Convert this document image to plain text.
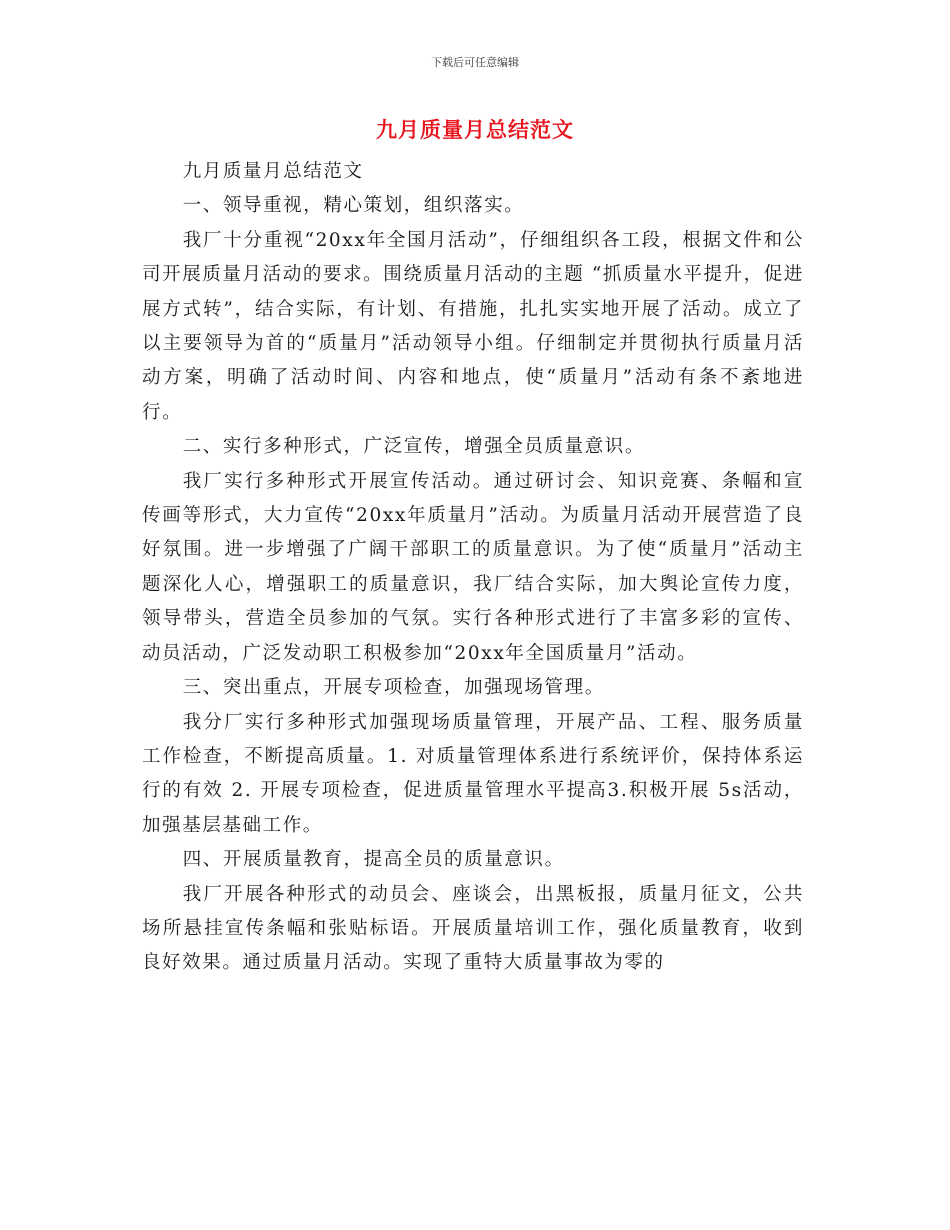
下载后可任意编辑
九月质量月总结范文

九月质量月总结范文

一、领导重视，精心策划，组织落实。

我厂十分重视“20xx年全国月活动”，仔细组织各工段，根据文件和公司开展质量月活动的要求。围绕质量月活动的主题 “抓质量水平提升，促进展方式转”，结合实际，有计划、有措施，扎扎实实地开展了活动。成立了以主要领导为首的“质量月”活动领导小组。仔细制定并贯彻执行质量月活动方案，明确了活动时间、内容和地点，使“质量月”活动有条不紊地进行。

二、实行多种形式，广泛宣传，增强全员质量意识。

我厂实行多种形式开展宣传活动。通过研讨会、知识竞赛、条幅和宣传画等形式，大力宣传“20xx年质量月”活动。为质量月活动开展营造了良好氛围。进一步增强了广阔干部职工的质量意识。为了使“质量月”活动主题深化人心，增强职工的质量意识，我厂结合实际，加大舆论宣传力度，领导带头，营造全员参加的气氛。实行各种形式进行了丰富多彩的宣传、动员活动，广泛发动职工积极参加“20xx年全国质量月”活动。

三、突出重点，开展专项检查，加强现场管理。

我分厂实行多种形式加强现场质量管理，开展产品、工程、服务质量工作检查，不断提高质量。1. 对质量管理体系进行系统评价，保持体系运行的有效 2. 开展专项检查，促进质量管理水平提高3.积极开展 5s活动，加强基层基础工作。

四、开展质量教育，提高全员的质量意识。

我厂开展各种形式的动员会、座谈会，出黑板报，质量月征文，公共场所悬挂宣传条幅和张贴标语。开展质量培训工作，强化质量教育，收到良好效果。通过质量月活动。实现了重特大质量事故为零的
